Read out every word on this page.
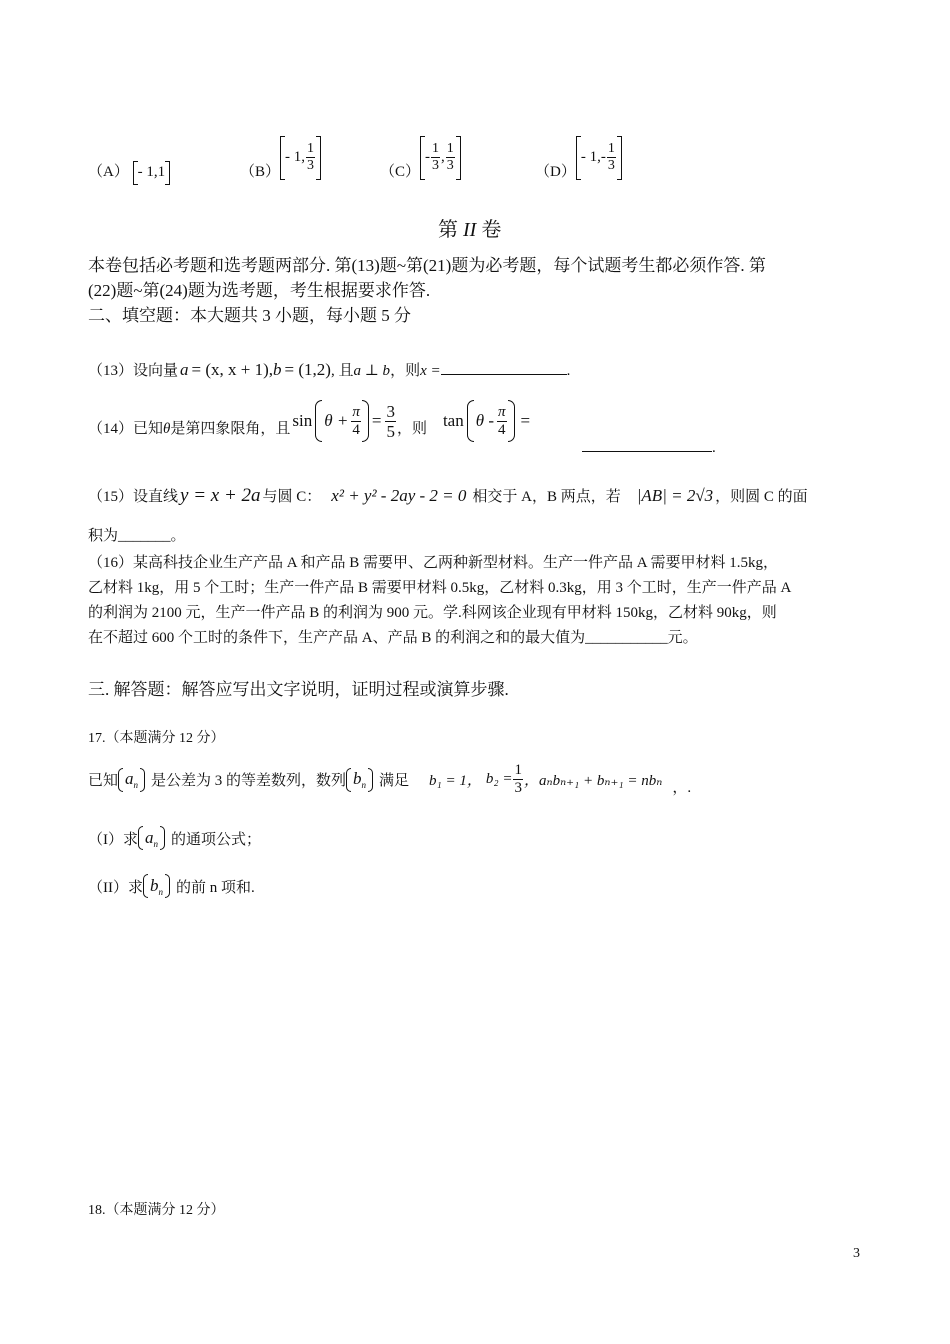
（A） - 1,1	（B）
- 1, $\frac{1}{3}$	（C）
- $\frac{1}{3}$ , $\frac{1}{3}$	（D）
- $1,- \frac{1}{3}$
第 II 卷
本卷包括必考题和选考题两部分. 第(13)题~第(21)题为必考题，每个试题考生都必须作答. 第
(22)题~第(24)题为选考题，考生根据要求作答.
二、填空题：本大题共 3 小题，每小题 5 分
（13）设向量 a = (x, x + 1), b = (1,2) , 且 a ⊥ b ，则 x =	.
（14）已知 θ 是第四象限角，且 $\sin \theta + \frac{\pi}{4} = \frac{3}{5}$ ，则 tan θ - $\frac{\pi}{4}$ =
.
（15）设直线 y = x + 2a 与圆 C： x² + y² - 2ay - 2 = 0 相交于 A，B 两点，若 |AB| = 2√3 ，则圆 C 的面
积为_______。
（16）某高科技企业生产产品 A 和产品 B 需要甲、乙两种新型材料。生产一件产品 A 需要甲材料 1.5kg，
乙材料 1kg，用 5 个工时；生产一件产品 B 需要甲材料 0.5kg，乙材料 0.3kg，用 3 个工时，生产一件产品 A
的利润为 2100 元，生产一件产品 B 的利润为 900 元。学.科网该企业现有甲材料 150kg，乙材料 90kg，则
在不超过 600 个工时的条件下，生产产品 A、产品 B 的利润之和的最大值为___________元。
三. 解答题：解答应写出文字说明，证明过程或演算步骤.
17.（本题满分 12 分）
已知 $a_n$ 是公差为 3 的等差数列，数列 $b_n$ 满足 b₁ = 1， $b_2 = \frac{1}{3}$ ，aₙbₙ₊₁ + bₙ₊₁ = nbₙ ，.
（I）求 $a_n$ 的通项公式；
（II）求 $b_n$ 的前 n 项和.
18.（本题满分 12 分）
3
